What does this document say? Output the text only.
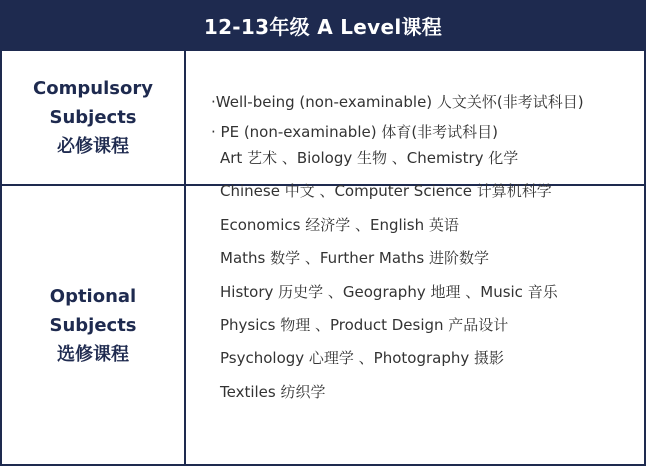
12-13年级 A Level课程
Compulsory
Subjects
必修课程
·Well-being (non-examinable) 人文关怀(非考试科目)
· PE (non-examinable) 体育(非考试科目)
Optional
Subjects
选修课程
Art 艺术 、Biology 生物 、Chemistry 化学
Chinese 中文 、Computer Science 计算机科学
Economics 经济学 、English 英语
Maths 数学 、Further Maths 进阶数学
History 历史学 、Geography 地理 、Music 音乐
Physics 物理 、Product Design 产品设计
Psychology 心理学 、Photography 摄影
Textiles 纺织学
